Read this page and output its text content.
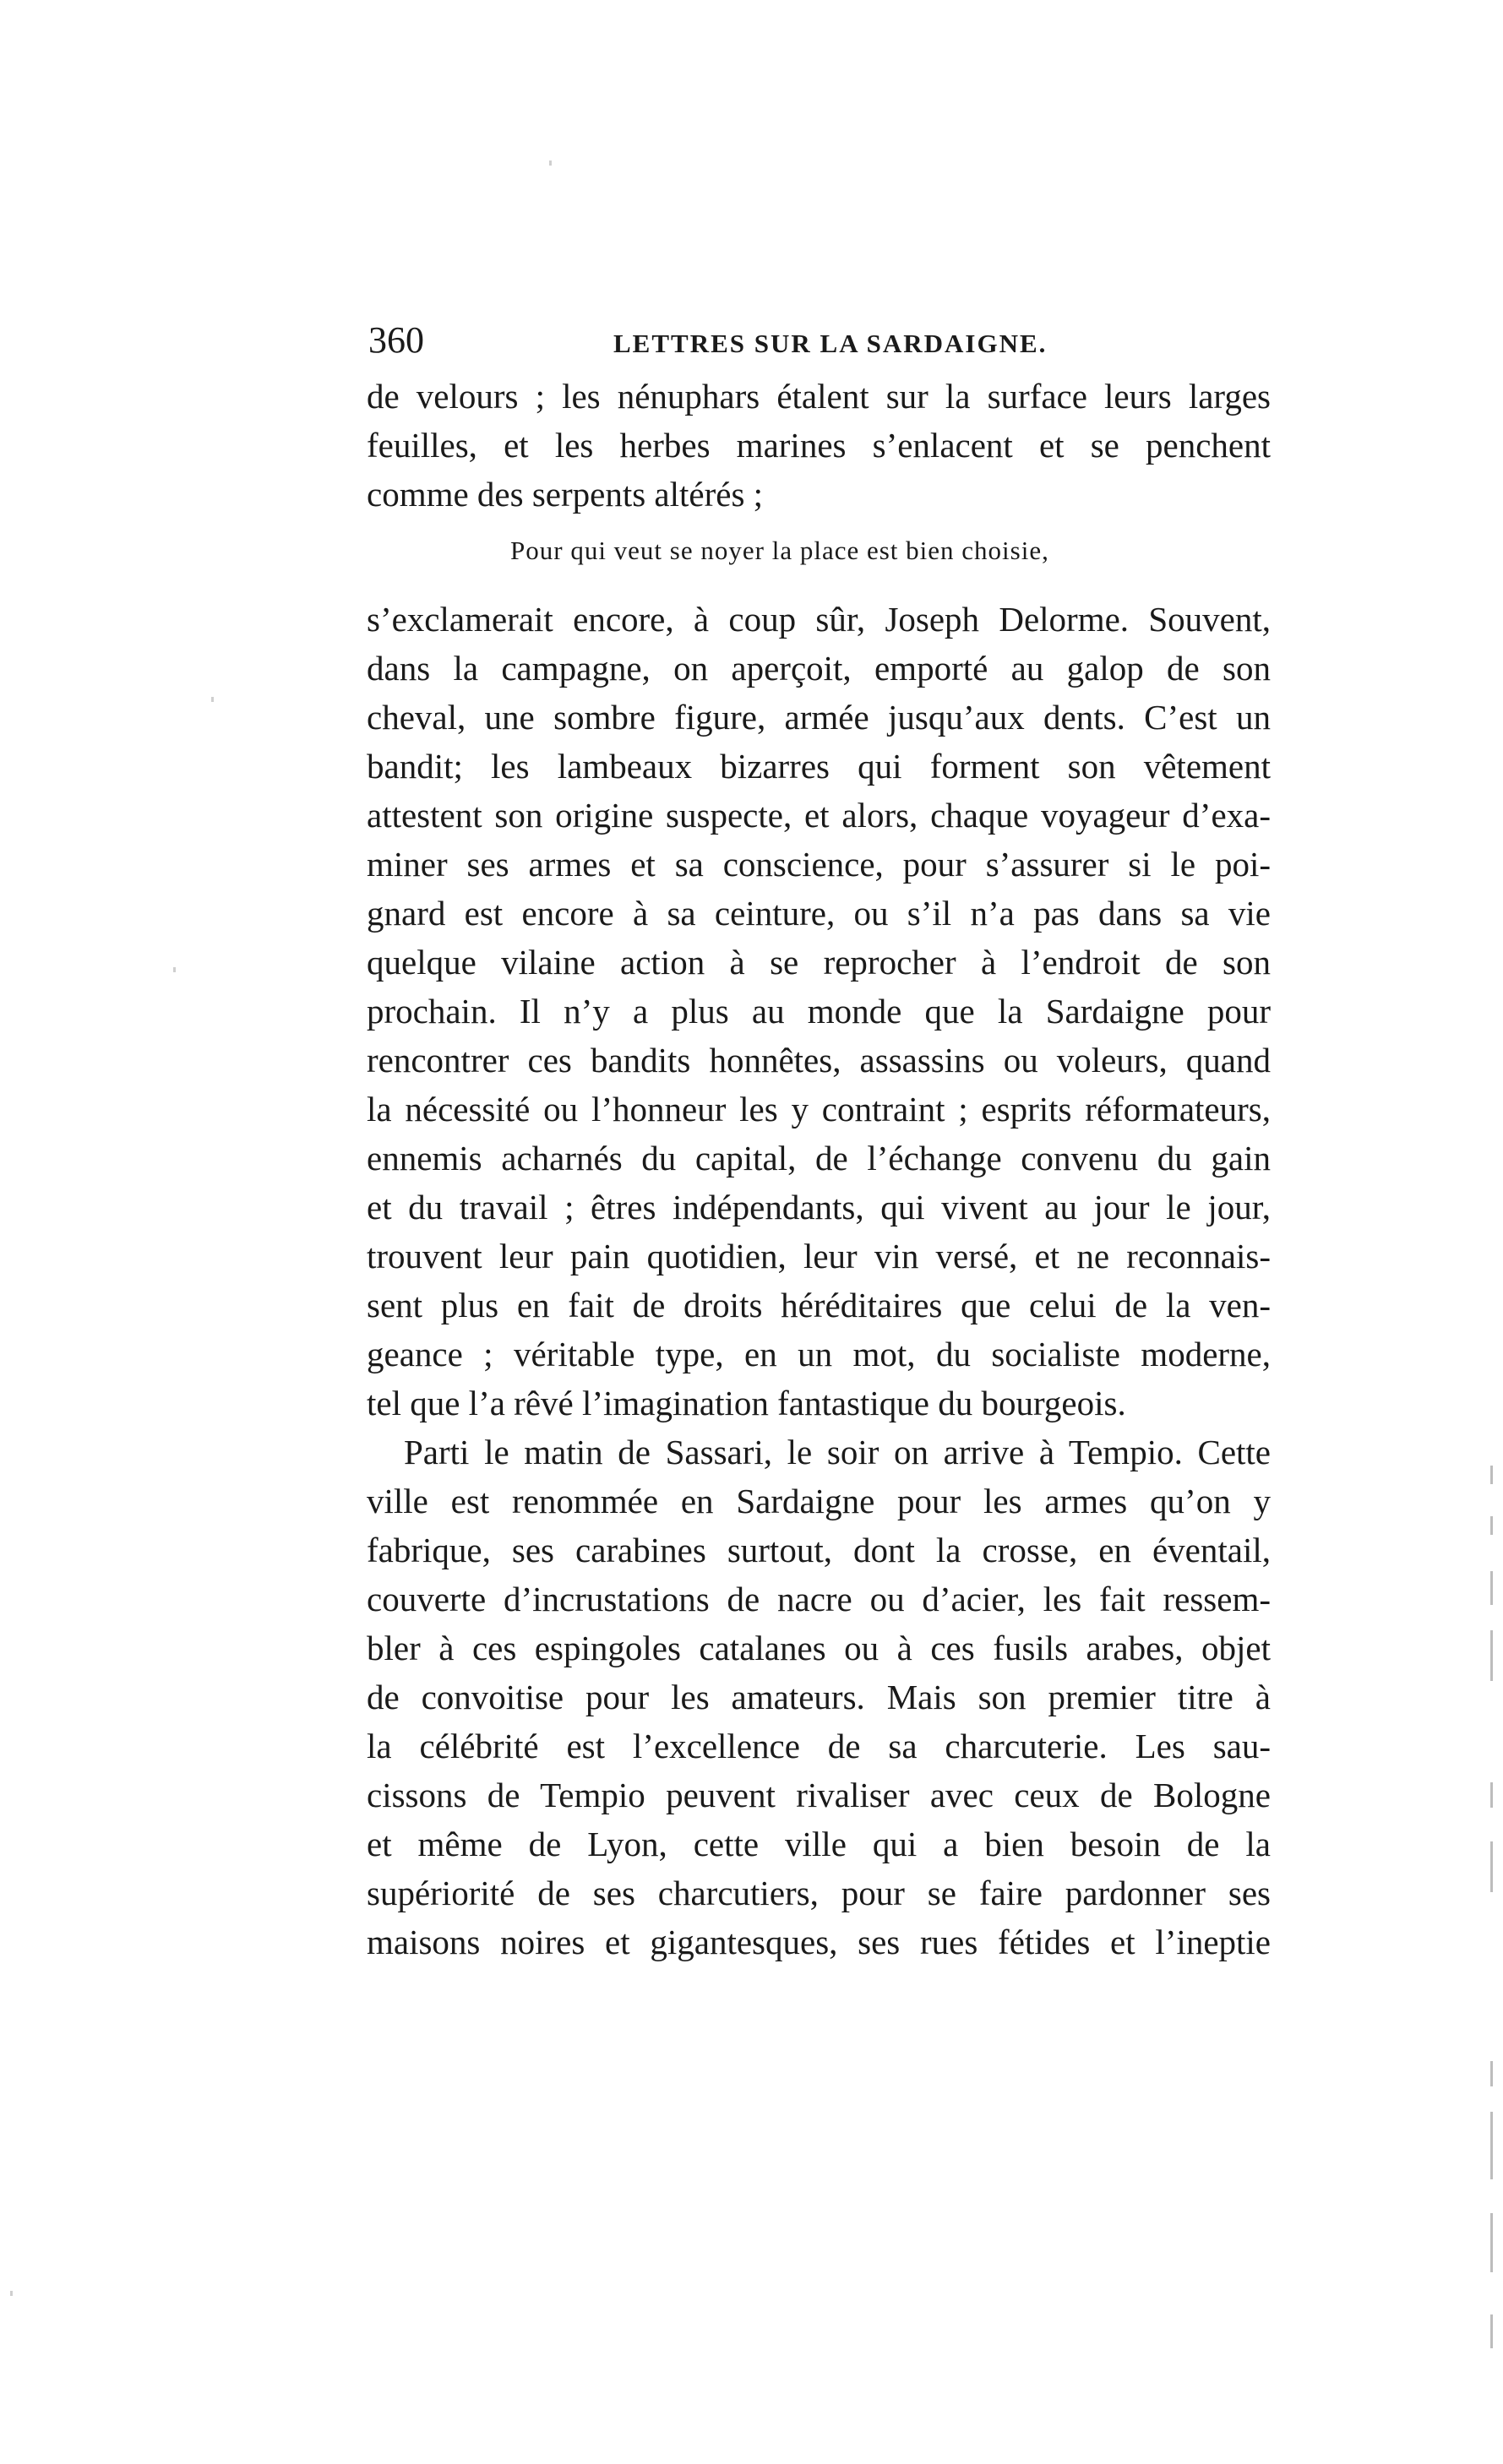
360	LETTRES SUR LA SARDAIGNE.
de velours ; les nénuphars étalent sur la surface leurs larges
feuilles, et les herbes marines s’enlacent et se penchent
comme des serpents altérés ;
Pour qui veut se noyer la place est bien choisie,
s’exclamerait encore, à coup sûr, Joseph Delorme. Souvent,
dans la campagne, on aperçoit, emporté au galop de son
cheval, une sombre figure, armée jusqu’aux dents. C’est un
bandit; les lambeaux bizarres qui forment son vêtement
attestent son origine suspecte, et alors, chaque voyageur d’exa-
miner ses armes et sa conscience, pour s’assurer si le poi-
gnard est encore à sa ceinture, ou s’il n’a pas dans sa vie
quelque vilaine action à se reprocher à l’endroit de son
prochain. Il n’y a plus au monde que la Sardaigne pour
rencontrer ces bandits honnêtes, assassins ou voleurs, quand
la nécessité ou l’honneur les y contraint ; esprits réformateurs,
ennemis acharnés du capital, de l’échange convenu du gain
et du travail ; êtres indépendants, qui vivent au jour le jour,
trouvent leur pain quotidien, leur vin versé, et ne reconnais-
sent plus en fait de droits héréditaires que celui de la ven-
geance ; véritable type, en un mot, du socialiste moderne,
tel que l’a rêvé l’imagination fantastique du bourgeois.
Parti le matin de Sassari, le soir on arrive à Tempio. Cette
ville est renommée en Sardaigne pour les armes qu’on y
fabrique, ses carabines surtout, dont la crosse, en éventail,
couverte d’incrustations de nacre ou d’acier, les fait ressem-
bler à ces espingoles catalanes ou à ces fusils arabes, objet
de convoitise pour les amateurs. Mais son premier titre à
la célébrité est l’excellence de sa charcuterie. Les sau-
cissons de Tempio peuvent rivaliser avec ceux de Bologne
et même de Lyon, cette ville qui a bien besoin de la
supériorité de ses charcutiers, pour se faire pardonner ses
maisons noires et gigantesques, ses rues fétides et l’ineptie
